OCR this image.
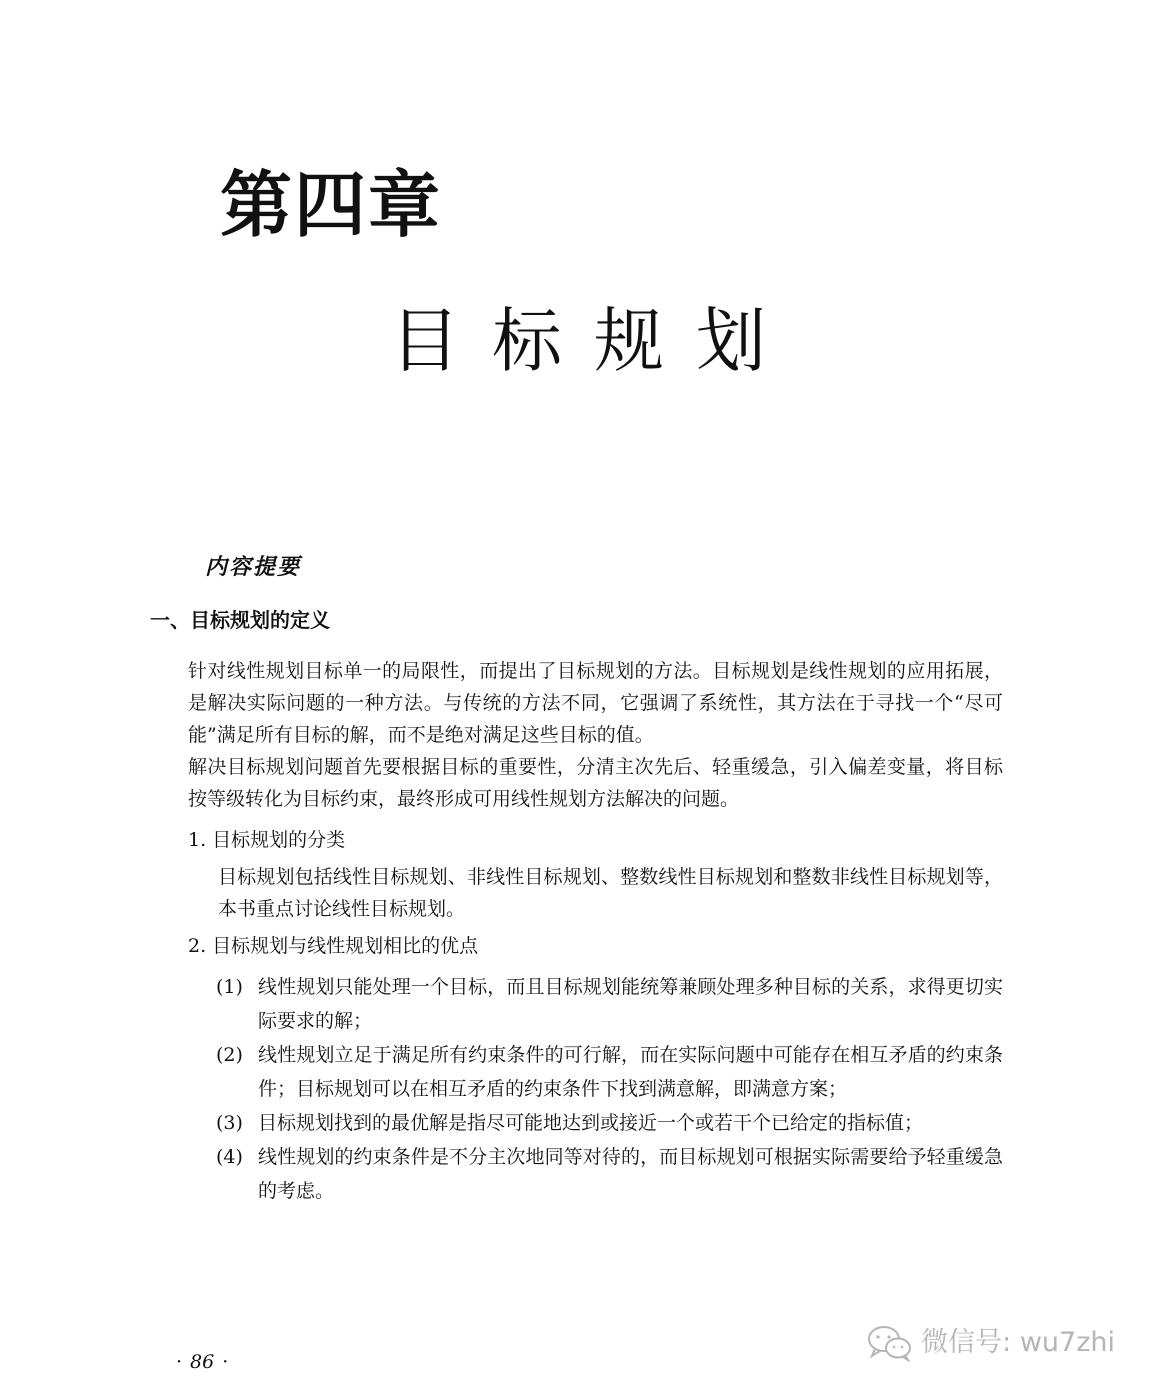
第四章
目标规划
内容提要
一、目标规划的定义

针对线性规划目标单一的局限性，而提出了目标规划的方法。目标规划是线性规划的应用拓展，是解决实际问题的一种方法。与传统的方法不同，它强调了系统性，其方法在于寻找一个“尽可能”满足所有目标的解，而不是绝对满足这些目标的值。

解决目标规划问题首先要根据目标的重要性，分清主次先后、轻重缓急，引入偏差变量，将目标按等级转化为目标约束，最终形成可用线性规划方法解决的问题。

1. 目标规划的分类

目标规划包括线性目标规划、非线性目标规划、整数线性目标规划和整数非线性目标规划等，本书重点讨论线性目标规划。

2. 目标规划与线性规划相比的优点
(1) 线性规划只能处理一个目标，而且目标规划能统筹兼顾处理多种目标的关系，求得更切实际要求的解；
(2) 线性规划立足于满足所有约束条件的可行解，而在实际问题中可能存在相互矛盾的约束条件；目标规划可以在相互矛盾的约束条件下找到满意解，即满意方案；
(3) 目标规划找到的最优解是指尽可能地达到或接近一个或若干个已给定的指标值；
(4) 线性规划的约束条件是不分主次地同等对待的，而目标规划可根据实际需要给予轻重缓急的考虑。
· 86 ·
微信号: wu7zhi
